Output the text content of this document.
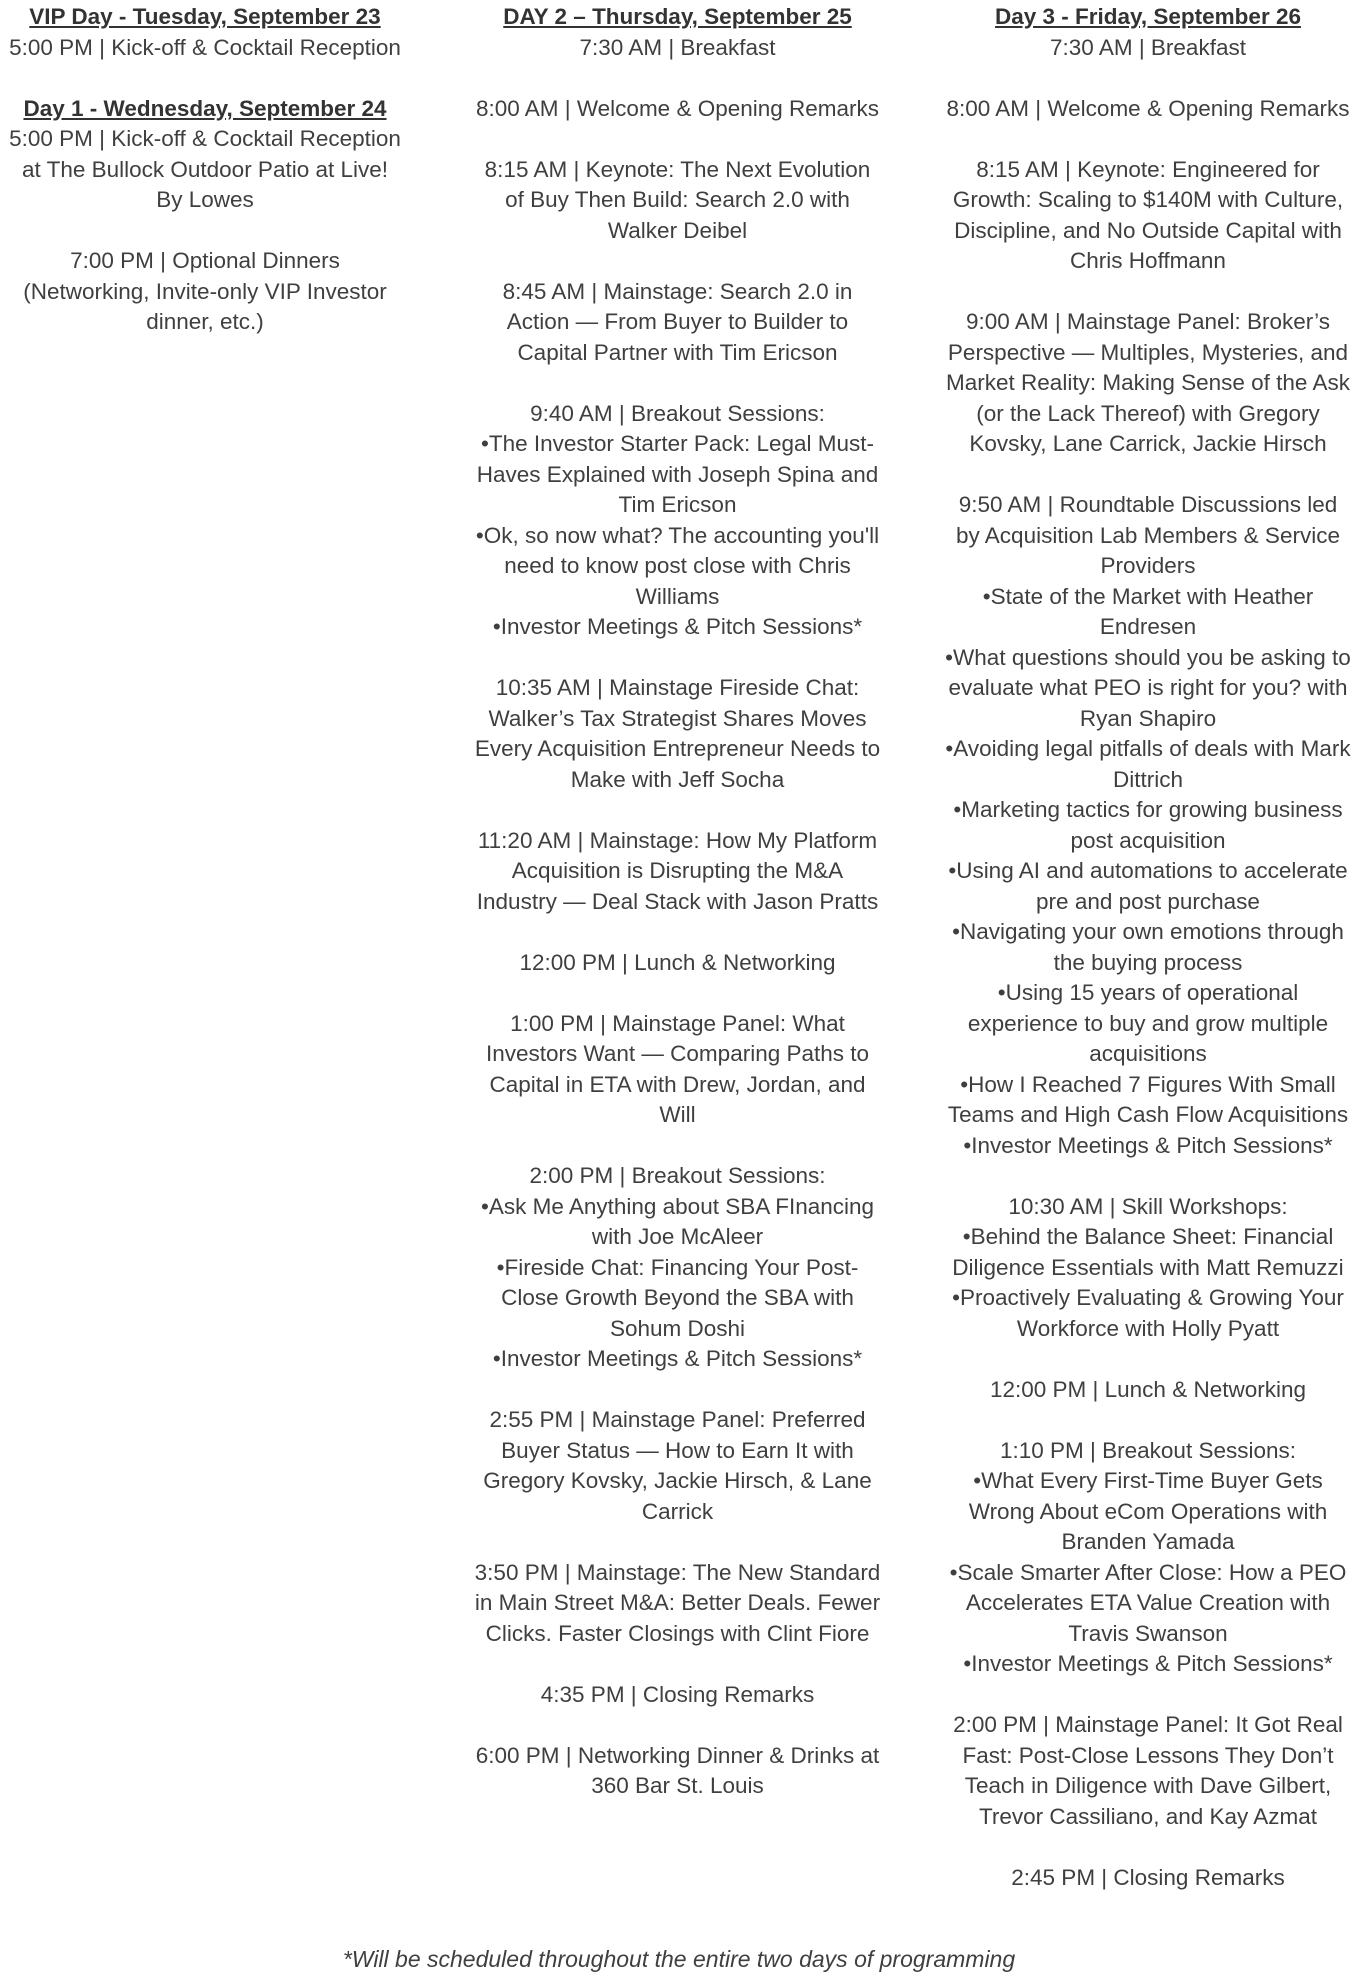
VIP Day - Tuesday, September 23

5:00 PM | Kick-off & Cocktail Reception

Day 1 - Wednesday, September 24

5:00 PM | Kick-off & Cocktail Reception at The Bullock Outdoor Patio at Live! By Lowes

7:00 PM | Optional Dinners (Networking, Invite-only VIP Investor dinner, etc.)

DAY 2 – Thursday, September 25

7:30 AM | Breakfast

8:00 AM | Welcome & Opening Remarks

8:15 AM | Keynote: The Next Evolution of Buy Then Build: Search 2.0 with Walker Deibel

8:45 AM | Mainstage: Search 2.0 in Action — From Buyer to Builder to Capital Partner with Tim Ericson

9:40 AM | Breakout Sessions:

•The Investor Starter Pack: Legal Must-Haves Explained with Joseph Spina and Tim Ericson

•Ok, so now what? The accounting you'll need to know post close with Chris Williams

•Investor Meetings & Pitch Sessions*

10:35 AM | Mainstage Fireside Chat: Walker’s Tax Strategist Shares Moves Every Acquisition Entrepreneur Needs to Make with Jeff Socha

11:20 AM | Mainstage: How My Platform Acquisition is Disrupting the M&A Industry — Deal Stack with Jason Pratts

12:00 PM | Lunch & Networking

1:00 PM | Mainstage Panel: What Investors Want — Comparing Paths to Capital in ETA with Drew, Jordan, and Will

2:00 PM | Breakout Sessions:

•Ask Me Anything about SBA FInancing with Joe McAleer

•Fireside Chat: Financing Your Post-Close Growth Beyond the SBA with Sohum Doshi

•Investor Meetings & Pitch Sessions*

2:55 PM | Mainstage Panel: Preferred Buyer Status — How to Earn It with Gregory Kovsky, Jackie Hirsch, & Lane Carrick

3:50 PM | Mainstage: The New Standard in Main Street M&A: Better Deals. Fewer Clicks. Faster Closings with Clint Fiore

4:35 PM | Closing Remarks

6:00 PM | Networking Dinner & Drinks at 360 Bar St. Louis

Day 3 - Friday, September 26

7:30 AM | Breakfast

8:00 AM | Welcome & Opening Remarks

8:15 AM | Keynote: Engineered for Growth: Scaling to $140M with Culture, Discipline, and No Outside Capital with Chris Hoffmann

9:00 AM | Mainstage Panel: Broker’s Perspective — Multiples, Mysteries, and Market Reality: Making Sense of the Ask (or the Lack Thereof) with Gregory Kovsky, Lane Carrick, Jackie Hirsch

9:50 AM | Roundtable Discussions led by Acquisition Lab Members & Service Providers

•State of the Market with Heather Endresen

•What questions should you be asking to evaluate what PEO is right for you? with Ryan Shapiro

•Avoiding legal pitfalls of deals with Mark Dittrich

•Marketing tactics for growing business post acquisition

•Using AI and automations to accelerate pre and post purchase

•Navigating your own emotions through the buying process

•Using 15 years of operational experience to buy and grow multiple acquisitions

•How I Reached 7 Figures With Small Teams and High Cash Flow Acquisitions

•Investor Meetings & Pitch Sessions*

10:30 AM | Skill Workshops:

•Behind the Balance Sheet: Financial Diligence Essentials with Matt Remuzzi

•Proactively Evaluating & Growing Your Workforce with Holly Pyatt

12:00 PM | Lunch & Networking

1:10 PM | Breakout Sessions:

•What Every First-Time Buyer Gets Wrong About eCom Operations with Branden Yamada

•Scale Smarter After Close: How a PEO Accelerates ETA Value Creation with Travis Swanson

•Investor Meetings & Pitch Sessions*

2:00 PM | Mainstage Panel: It Got Real Fast: Post-Close Lessons They Don’t Teach in Diligence with Dave Gilbert, Trevor Cassiliano, and Kay Azmat

2:45 PM | Closing Remarks

*Will be scheduled throughout the entire two days of programming
